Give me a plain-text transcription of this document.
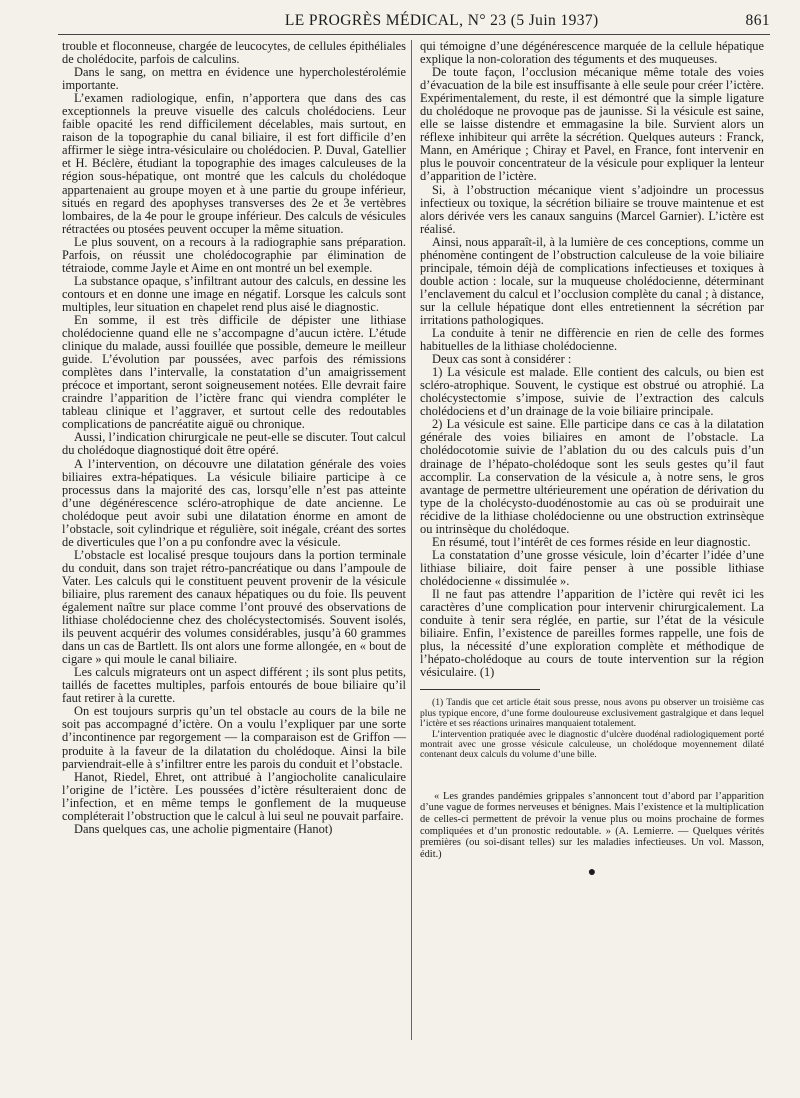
LE PROGRÈS MÉDICAL, N° 23 (5 Juin 1937)	861

trouble et floconneuse, chargée de leucocytes, de cellules épithéliales de cholédocite, parfois de calculins.

Dans le sang, on mettra en évidence une hypercholestérolémie importante.

L’examen radiologique, enfin, n’apportera que dans des cas exceptionnels la preuve visuelle des calculs cholédociens. Leur faible opacité les rend difficilement décelables, mais surtout, en raison de la topographie du canal biliaire, il est fort difficile d’en affirmer le siège intra-vésiculaire ou cholédocien. P. Duval, Gatellier et H. Béclère, étudiant la topographie des images calculeuses de la région sous-hépatique, ont montré que les calculs du cholédoque appartenaient au groupe moyen et à une partie du groupe inférieur, situés en regard des apophyses transverses des 2e et 3e vertèbres lombaires, de la 4e pour le groupe inférieur. Des calculs de vésicules rétractées ou ptosées peuvent occuper la même situation.

Le plus souvent, on a recours à la radiographie sans préparation. Parfois, on réussit une cholédocographie par élimination de tétraiode, comme Jayle et Aime en ont montré un bel exemple.

La substance opaque, s’infiltrant autour des calculs, en dessine les contours et en donne une image en négatif. Lorsque les calculs sont multiples, leur situation en chapelet rend plus aisé le diagnostic.

En somme, il est très difficile de dépister une lithiase cholédocienne quand elle ne s’accompagne d’aucun ictère. L’étude clinique du malade, aussi fouillée que possible, demeure le meilleur guide. L’évolution par poussées, avec parfois des rémissions complètes dans l’intervalle, la constatation d’un amaigrissement précoce et important, seront soigneusement notées. Elle devrait faire craindre l’apparition de l’ictère franc qui viendra compléter le tableau clinique et l’aggraver, et surtout celle des redoutables complications de pancréatite aiguë ou chronique.

Aussi, l’indication chirurgicale ne peut-elle se discuter. Tout calcul du cholédoque diagnostiqué doit être opéré.

A l’intervention, on découvre une dilatation générale des voies biliaires extra-hépatiques. La vésicule biliaire participe à ce processus dans la majorité des cas, lorsqu’elle n’est pas atteinte d’une dégénérescence scléro-atrophique de date ancienne. Le cholédoque peut avoir subi une dilatation énorme en amont de l’obstacle, soit cylindrique et régulière, soit inégale, créant des sortes de diverticules que l’on a pu confondre avec la vésicule.

L’obstacle est localisé presque toujours dans la portion terminale du conduit, dans son trajet rétro-pancréatique ou dans l’ampoule de Vater. Les calculs qui le constituent peuvent provenir de la vésicule biliaire, plus rarement des canaux hépatiques ou du foie. Ils peuvent également naître sur place comme l’ont prouvé des observations de lithiase cholédocienne chez des cholécystectomisés. Souvent isolés, ils peuvent acquérir des volumes considérables, jusqu’à 60 grammes dans un cas de Bartlett. Ils ont alors une forme allongée, en « bout de cigare » qui moule le canal biliaire.

Les calculs migrateurs ont un aspect différent ; ils sont plus petits, taillés de facettes multiples, parfois entourés de boue biliaire qu’il faut retirer à la curette.

On est toujours surpris qu’un tel obstacle au cours de la bile ne soit pas accompagné d’ictère. On a voulu l’expliquer par une sorte d’incontinence par regorgement — la comparaison est de Griffon — produite à la faveur de la dilatation du cholédoque. Ainsi la bile parviendrait-elle à s’infiltrer entre les parois du conduit et l’obstacle.

Hanot, Riedel, Ehret, ont attribué à l’angiocholite canaliculaire l’origine de l’ictère. Les poussées d’ictère résulteraient donc de l’infection, et en même temps le gonflement de la muqueuse compléterait l’obstruction que le calcul à lui seul ne pouvait parfaire.

Dans quelques cas, une acholie pigmentaire (Hanot)

qui témoigne d’une dégénérescence marquée de la cellule hépatique explique la non-coloration des téguments et des muqueuses.

De toute façon, l’occlusion mécanique même totale des voies d’évacuation de la bile est insuffisante à elle seule pour créer l’ictère. Expérimentalement, du reste, il est démontré que la simple ligature du cholédoque ne provoque pas de jaunisse. Si la vésicule est saine, elle se laisse distendre et emmagasine la bile. Survient alors un réflexe inhibiteur qui arrête la sécrétion. Quelques auteurs : Franck, Mann, en Amérique ; Chiray et Pavel, en France, font intervenir en plus le pouvoir concentrateur de la vésicule pour expliquer la lenteur d’apparition de l’ictère.

Si, à l’obstruction mécanique vient s’adjoindre un processus infectieux ou toxique, la sécrétion biliaire se trouve maintenue et est alors dérivée vers les canaux sanguins (Marcel Garnier). L’ictère est réalisé.

Ainsi, nous apparaît-il, à la lumière de ces conceptions, comme un phénomène contingent de l’obstruction calculeuse de la voie biliaire principale, témoin déjà de complications infectieuses et toxiques à double action : locale, sur la muqueuse cholédocienne, déterminant l’enclavement du calcul et l’occlusion complète du canal ; à distance, sur la cellule hépatique dont elles entretiennent la sécrétion par irritations pathologiques.

La conduite à tenir ne diffèrencie en rien de celle des formes habituelles de la lithiase cholédocienne.

Deux cas sont à considérer :

1) La vésicule est malade. Elle contient des calculs, ou bien est scléro-atrophique. Souvent, le cystique est obstrué ou atrophié. La cholécystectomie s’impose, suivie de l’extraction des calculs cholédociens et d’un drainage de la voie biliaire principale.

2) La vésicule est saine. Elle participe dans ce cas à la dilatation générale des voies biliaires en amont de l’obstacle. La cholédocotomie suivie de l’ablation du ou des calculs puis d’un drainage de l’hépato-cholédoque sont les seuls gestes qu’il faut accomplir. La conservation de la vésicule a, à notre sens, le gros avantage de permettre ultérieurement une opération de dérivation du type de la cholécysto-duodénostomie au cas où se produirait une récidive de la lithiase cholédocienne ou une obstruction extrinsèque ou intrinsèque du cholédoque.

En résumé, tout l’intérêt de ces formes réside en leur diagnostic.

La constatation d’une grosse vésicule, loin d’écarter l’idée d’une lithiase biliaire, doit faire penser à une possible lithiase cholédocienne « dissimulée ».

Il ne faut pas attendre l’apparition de l’ictère qui revêt ici les caractères d’une complication pour intervenir chirurgicalement. La conduite à tenir sera réglée, en partie, sur l’état de la vésicule biliaire. Enfin, l’existence de pareilles formes rappelle, une fois de plus, la nécessité d’une exploration complète et méthodique de l’hépato-cholédoque au cours de toute intervention sur la région vésiculaire. (1)

(1) Tandis que cet article était sous presse, nous avons pu observer un troisième cas plus typique encore, d’une forme douloureuse exclusivement gastralgique et dans lequel l’ictère et ses réactions urinaires manquaient totalement.

L’intervention pratiquée avec le diagnostic d’ulcère duodénal radiologiquement porté montrait avec une grosse vésicule calculeuse, un cholédoque moyennement dilaté contenant deux calculs du volume d’une bille.

« Les grandes pandémies grippales s’annoncent tout d’abord par l’apparition d’une vague de formes nerveuses et bénignes. Mais l’existence et la multiplication de celles-ci permettent de prévoir la venue plus ou moins prochaine de formes compliquées et d’un pronostic redoutable. » (A. Lemierre. — Quelques vérités premières (ou soi-disant telles) sur les maladies infectieuses. Un vol. Masson, édit.)

●
